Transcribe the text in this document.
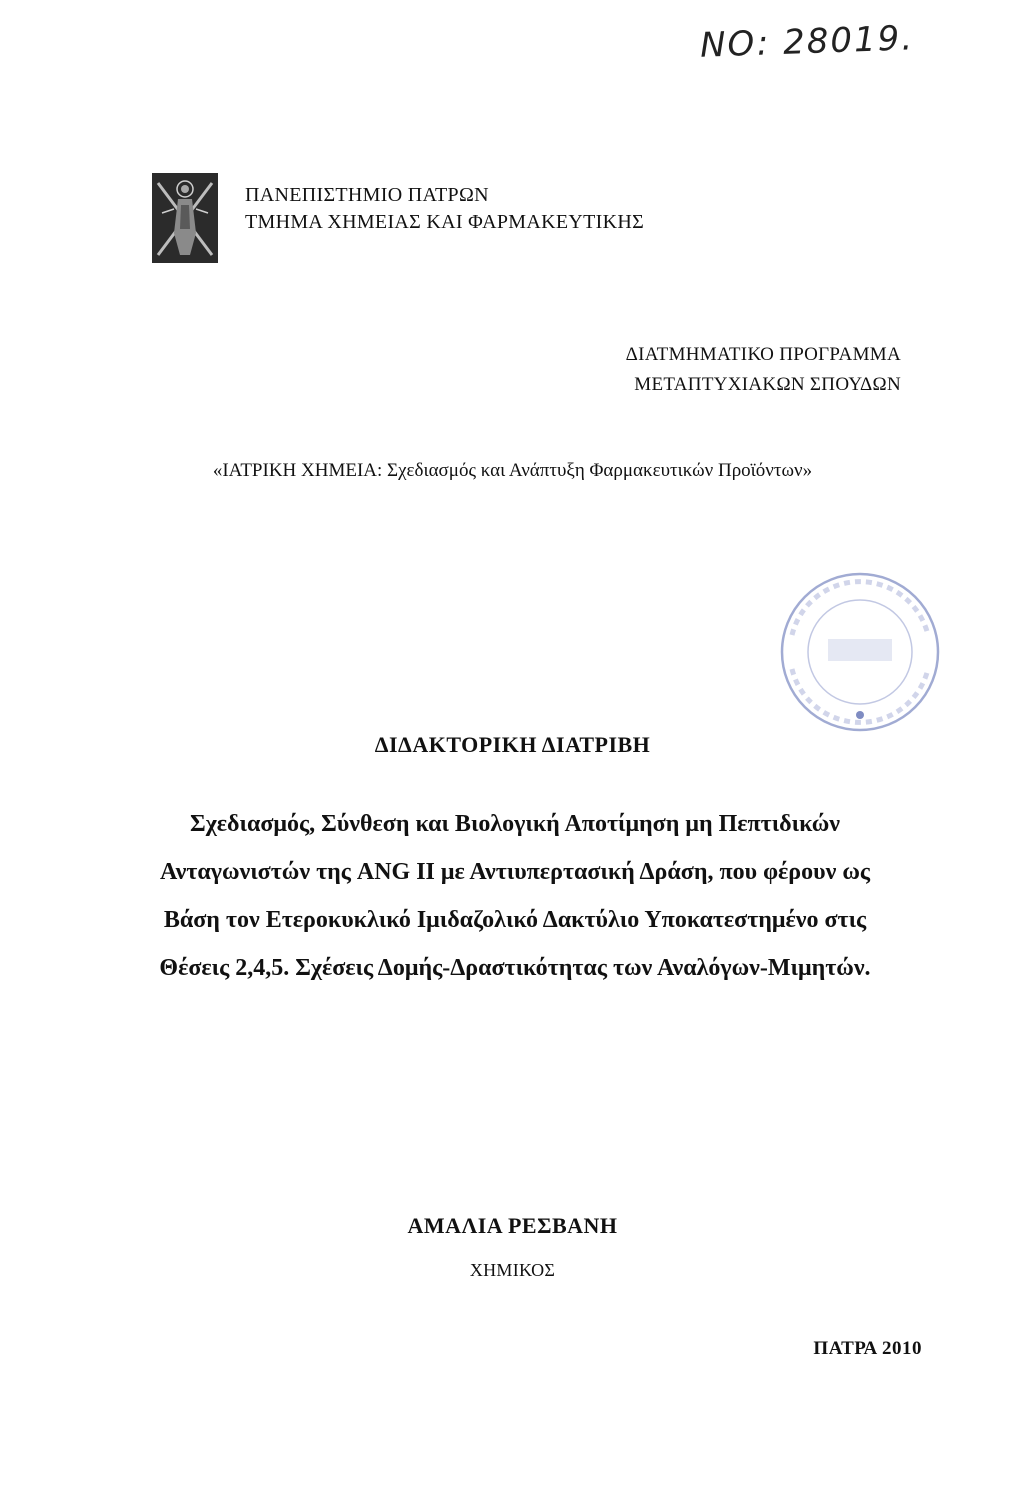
NO: 28019.
ΠΑΝΕΠΙΣΤΗΜΙΟ ΠΑΤΡΩΝ
ΤΜΗΜΑ ΧΗΜΕΙΑΣ ΚΑΙ ΦΑΡΜΑΚΕΥΤΙΚΗΣ
ΔΙΑΤΜΗΜΑΤΙΚΟ ΠΡΟΓΡΑΜΜΑ
ΜΕΤΑΠΤΥΧΙΑΚΩΝ ΣΠΟΥΔΩΝ
«ΙΑΤΡΙΚΗ ΧΗΜΕΙΑ: Σχεδιασμός και Ανάπτυξη Φαρμακευτικών Προϊόντων»
ΔΙΔΑΚΤΟΡΙΚΗ ΔΙΑΤΡΙΒΗ
Σχεδιασμός, Σύνθεση και Βιολογική Αποτίμηση μη Πεπτιδικών
Ανταγωνιστών της ANG II με Αντιυπερτασική Δράση, που φέρουν ως
Βάση τον Ετεροκυκλικό Ιμιδαζολικό Δακτύλιο Υποκατεστημένο στις
Θέσεις 2,4,5. Σχέσεις Δομής-Δραστικότητας των Αναλόγων-Μιμητών.
ΑΜΑΛΙΑ ΡΕΣΒΑΝΗ
ΧΗΜΙΚΟΣ
ΠΑΤΡΑ 2010
